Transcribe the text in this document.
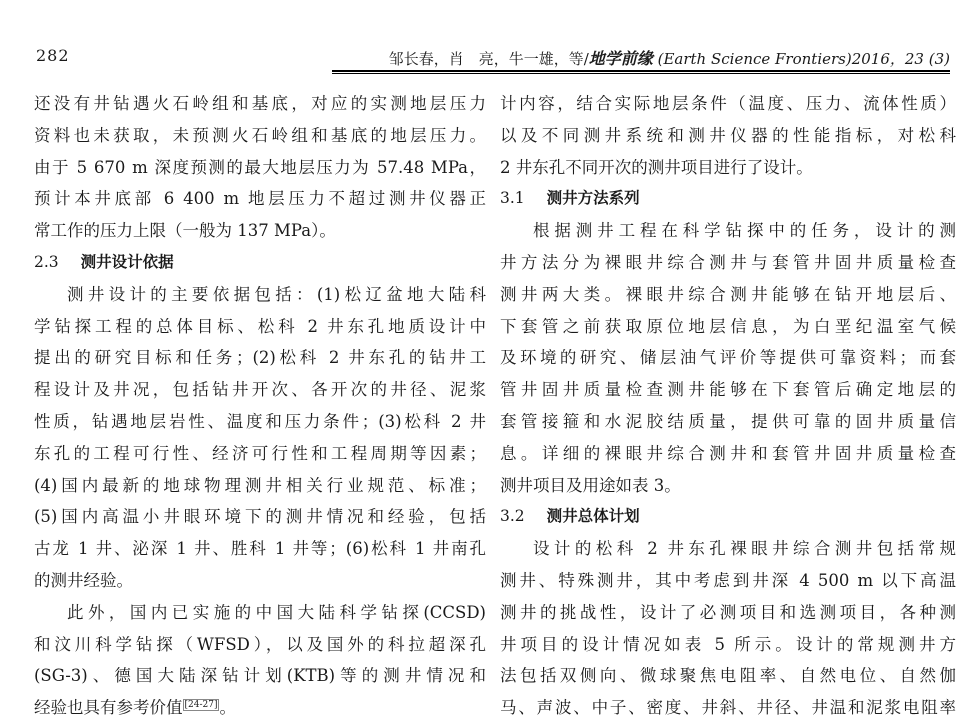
282	邹长春，肖　亮，牛一雄，等/地学前缘 (Earth Science Frontiers)2016，23 (3)
还没有井钻遇火石岭组和基底，对应的实测地层压力
资料也未获取，未预测火石岭组和基底的地层压力。
由于 5 670 m 深度预测的最大地层压力为 57.48 MPa，
预计本井底部 6 400 m 地层压力不超过测井仪器正
常工作的压力上限（一般为 137 MPa）。
2.3 测井设计依据
测井设计的主要依据包括：(1)松辽盆地大陆科
学钻探工程的总体目标、松科 2 井东孔地质设计中
提出的研究目标和任务；(2)松科 2 井东孔的钻井工
程设计及井况，包括钻井开次、各开次的井径、泥浆
性质，钻遇地层岩性、温度和压力条件；(3)松科 2 井
东孔的工程可行性、经济可行性和工程周期等因素；
(4)国内最新的地球物理测井相关行业规范、标准；
(5)国内高温小井眼环境下的测井情况和经验，包括
古龙 1 井、泌深 1 井、胜科 1 井等；(6)松科 1 井南孔
的测井经验。
此外，国内已实施的中国大陆科学钻探(CCSD)
和汶川科学钻探（WFSD），以及国外的科拉超深孔
(SG-3)、德国大陆深钻计划(KTB)等的测井情况和
经验也具有参考价值 [24-27] 。
计内容，结合实际地层条件（温度、压力、流体性质）
以及不同测井系统和测井仪器的性能指标，对松科
2 井东孔不同开次的测井项目进行了设计。
3.1 测井方法系列
根据测井工程在科学钻探中的任务，设计的测
井方法分为裸眼井综合测井与套管井固井质量检查
测井两大类。裸眼井综合测井能够在钻开地层后、
下套管之前获取原位地层信息，为白垩纪温室气候
及环境的研究、储层油气评价等提供可靠资料；而套
管井固井质量检查测井能够在下套管后确定地层的
套管接箍和水泥胶结质量，提供可靠的固井质量信
息。详细的裸眼井综合测井和套管井固井质量检查
测井项目及用途如表 3。
3.2 测井总体计划
设计的松科 2 井东孔裸眼井综合测井包括常规
测井、特殊测井，其中考虑到井深 4 500 m 以下高温
测井的挑战性，设计了必测项目和选测项目，各种测
井项目的设计情况如表 5 所示。设计的常规测井方
法包括双侧向、微球聚焦电阻率、自然电位、自然伽
马、声波、中子、密度、井斜、井径、井温和泥浆电阻率
